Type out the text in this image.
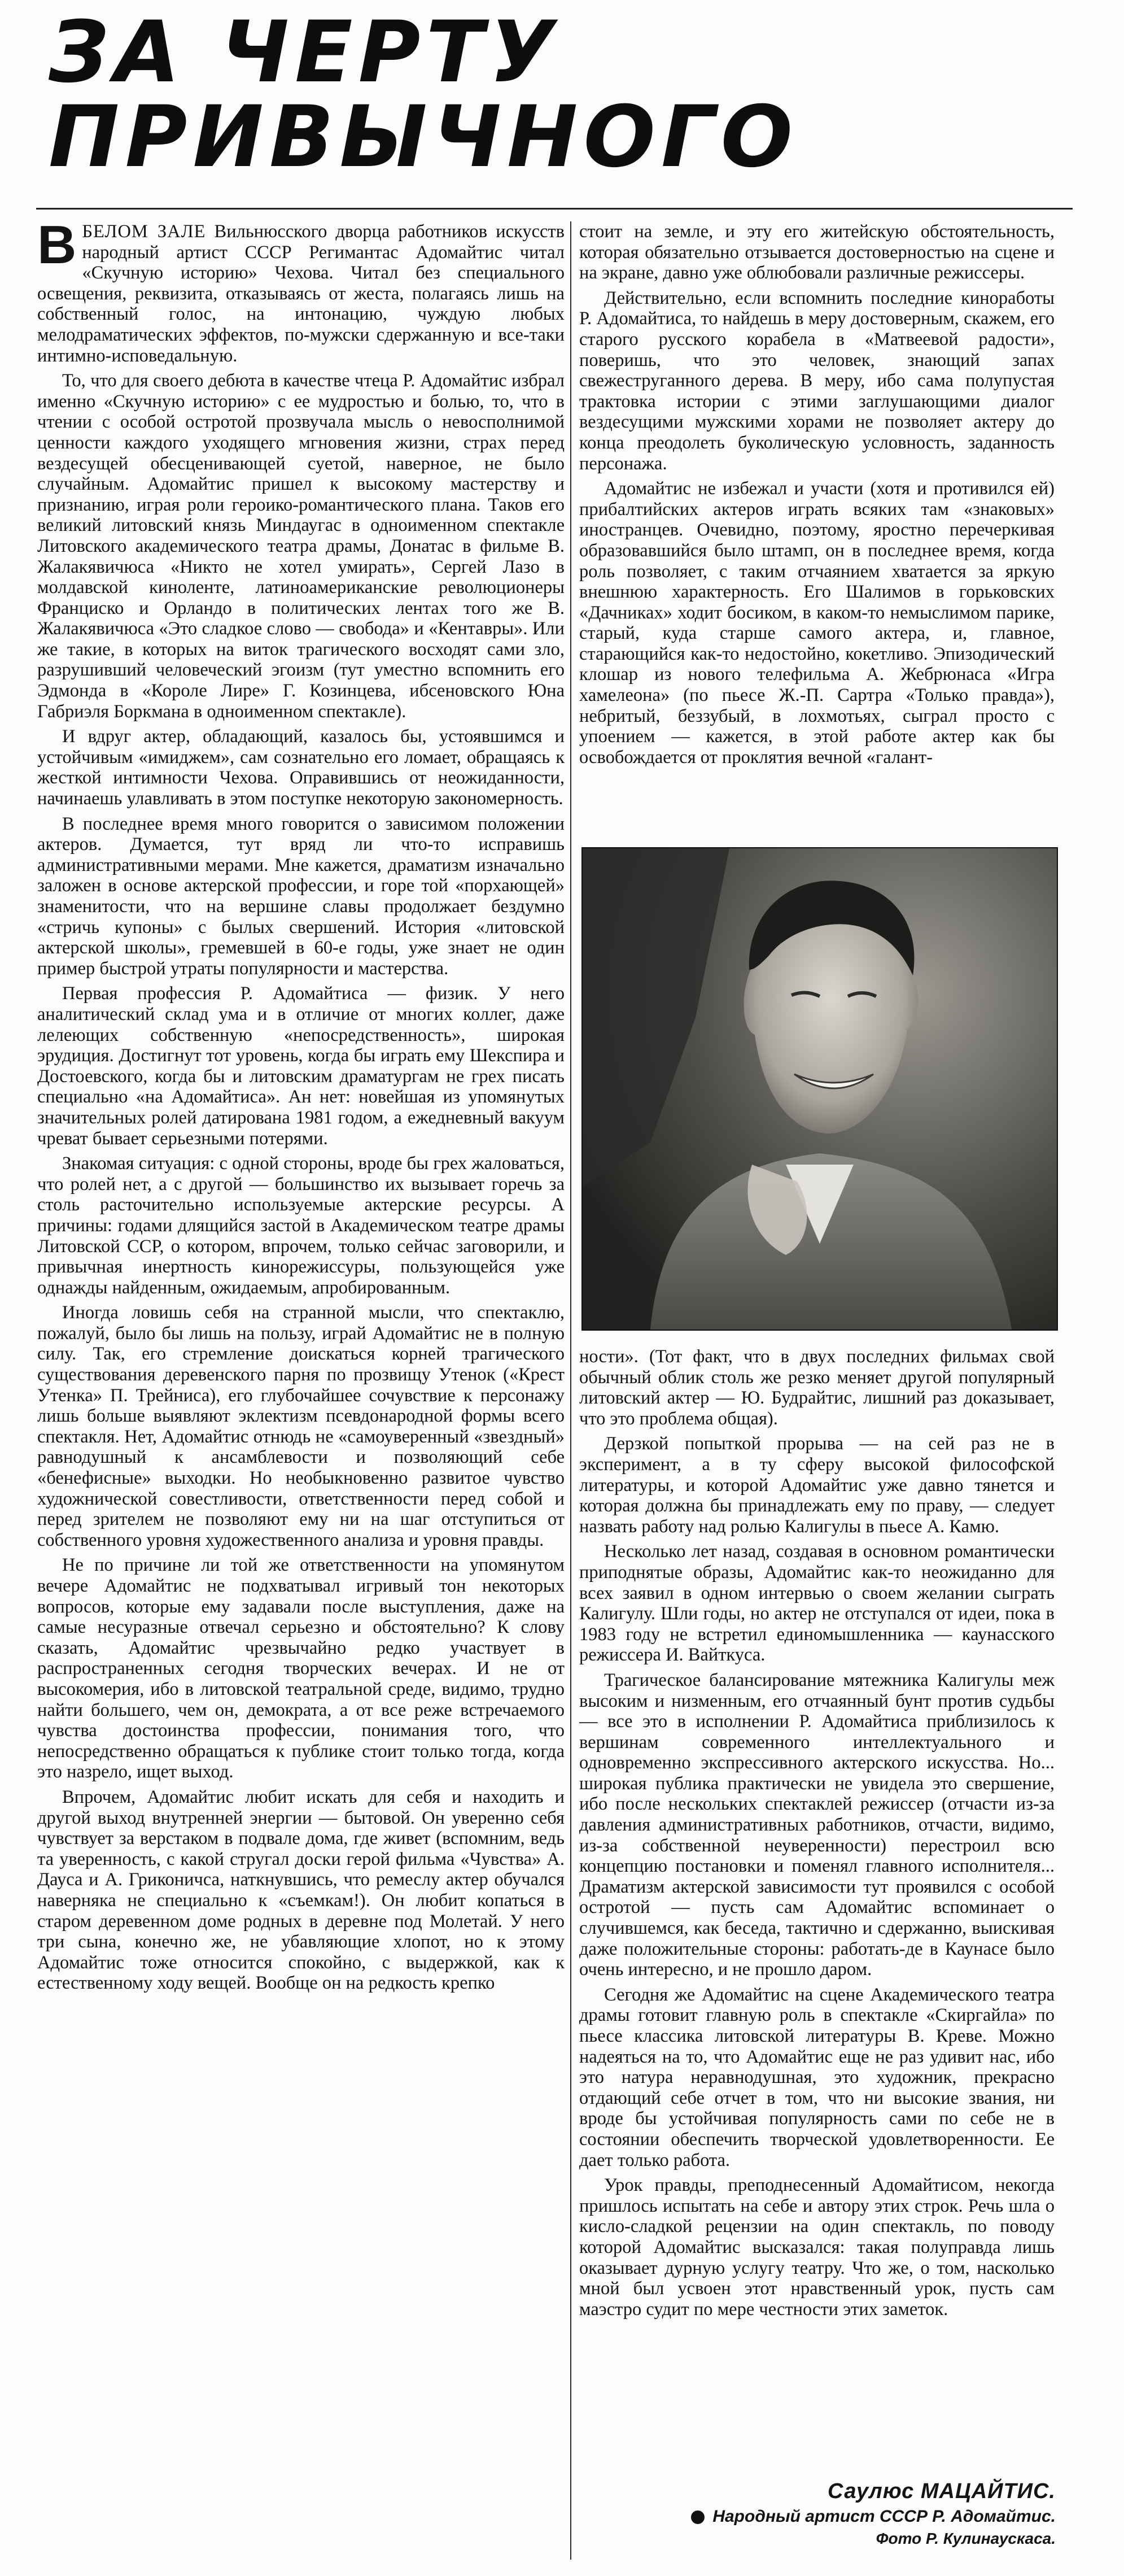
ЗА ЧЕРТУ
ПРИВЫЧНОГО

ВБЕЛОМ ЗАЛЕ Вильнюсского дворца работников искусств народный артист СССР Регимантас Адомайтис читал «Скучную историю» Чехова. Читал без специального освещения, реквизита, отказываясь от жеста, полагаясь лишь на собственный голос, на интонацию, чуждую любых мелодраматических эффектов, по-мужски сдержанную и все-таки интимно-исповедальную.

То, что для своего дебюта в качестве чтеца Р. Адомайтис избрал именно «Скучную историю» с ее мудростью и болью, то, что в чтении с особой остротой прозвучала мысль о невосполнимой ценности каждого уходящего мгновения жизни, страх перед вездесущей обесценивающей суетой, наверное, не было случайным. Адомайтис пришел к высокому мастерству и признанию, играя роли героико-романтического плана. Таков его великий литовский князь Миндаугас в одноименном спектакле Литовского академического театра драмы, Донатас в фильме В. Жалакявичюса «Никто не хотел умирать», Сергей Лазо в молдавской киноленте, латиноамериканские революционеры Франциско и Орландо в политических лентах того же В. Жалакявичюса «Это сладкое слово — свобода» и «Кентавры». Или же такие, в которых на виток трагического восходят сами зло, разрушивший человеческий эгоизм (тут уместно вспомнить его Эдмонда в «Короле Лире» Г. Козинцева, ибсеновского Юна Габриэля Боркмана в одноименном спектакле).

И вдруг актер, обладающий, казалось бы, устоявшимся и устойчивым «имиджем», сам сознательно его ломает, обращаясь к жесткой интимности Чехова. Оправившись от неожиданности, начинаешь улавливать в этом поступке некоторую закономерность.

В последнее время много говорится о зависимом положении актеров. Думается, тут вряд ли что-то исправишь административными мерами. Мне кажется, драматизм изначально заложен в основе актерской профессии, и горе той «порхающей» знаменитости, что на вершине славы продолжает бездумно «стричь купоны» с былых свершений. История «литовской актерской школы», гремевшей в 60-е годы, уже знает не один пример быстрой утраты популярности и мастерства.

Первая профессия Р. Адомайтиса — физик. У него аналитический склад ума и в отличие от многих коллег, даже лелеющих собственную «непосредственность», широкая эрудиция. Достигнут тот уровень, когда бы играть ему Шекспира и Достоевского, когда бы и литовским драматургам не грех писать специально «на Адомайтиса». Ан нет: новейшая из упомянутых значительных ролей датирована 1981 годом, а ежедневный вакуум чреват бывает серьезными потерями.

Знакомая ситуация: с одной стороны, вроде бы грех жаловаться, что ролей нет, а с другой — большинство их вызывает горечь за столь расточительно используемые актерские ресурсы. А причины: годами длящийся застой в Академическом театре драмы Литовской ССР, о котором, впрочем, только сейчас заговорили, и привычная инертность кинорежиссуры, пользующейся уже однажды найденным, ожидаемым, апробированным.

Иногда ловишь себя на странной мысли, что спектаклю, пожалуй, было бы лишь на пользу, играй Адомайтис не в полную силу. Так, его стремление доискаться корней трагического существования деревенского парня по прозвищу Утенок («Крест Утенка» П. Трейниса), его глубочайшее сочувствие к персонажу лишь больше выявляют эклектизм псевдонародной формы всего спектакля. Нет, Адомайтис отнюдь не «самоуверенный «звездный» равнодушный к ансамблевости и позволяющий себе «бенефисные» выходки. Но необыкновенно развитое чувство художнической совестливости, ответственности перед собой и перед зрителем не позволяют ему ни на шаг отступиться от собственного уровня художественного анализа и уровня правды.

Не по причине ли той же ответственности на упомянутом вечере Адомайтис не подхватывал игривый тон некоторых вопросов, которые ему задавали после выступления, даже на самые несуразные отвечал серьезно и обстоятельно? К слову сказать, Адомайтис чрезвычайно редко участвует в распространенных сегодня творческих вечерах. И не от высокомерия, ибо в литовской театральной среде, видимо, трудно найти большего, чем он, демократа, а от все реже встречаемого чувства достоинства профессии, понимания того, что непосредственно обращаться к публике стоит только тогда, когда это назрело, ищет выход.

Впрочем, Адомайтис любит искать для себя и находить и другой выход внутренней энергии — бытовой. Он уверенно себя чувствует за верстаком в подвале дома, где живет (вспомним, ведь та уверенность, с какой стругал доски герой фильма «Чувства» А. Дауса и А. Гриконичса, наткнувшись, что ремеслу актер обучался наверняка не специально к «съемкам!). Он любит копаться в старом деревенном доме родных в деревне под Молетай. У него три сына, конечно же, не убавляющие хлопот, но к этому Адомайтис тоже относится спокойно, с выдержкой, как к естественному ходу вещей. Вообще он на редкость крепко

стоит на земле, и эту его житейскую обстоятельность, которая обязательно отзывается достоверностью на сцене и на экране, давно уже облюбовали различные режиссеры.

Действительно, если вспомнить последние киноработы Р. Адомайтиса, то найдешь в меру достоверным, скажем, его старого русского корабела в «Матвеевой радости», поверишь, что это человек, знающий запах свежеструганного дерева. В меру, ибо сама полупустая трактовка истории с этими заглушающими диалог вездесущими мужскими хорами не позволяет актеру до конца преодолеть буколическую условность, заданность персонажа.

Адомайтис не избежал и участи (хотя и противился ей) прибалтийских актеров играть всяких там «знаковых» иностранцев. Очевидно, поэтому, яростно перечеркивая образовавшийся было штамп, он в последнее время, когда роль позволяет, с таким отчаянием хватается за яркую внешнюю характерность. Его Шалимов в горьковских «Дачниках» ходит босиком, в каком-то немыслимом парике, старый, куда старше самого актера, и, главное, старающийся как-то недостойно, кокетливо. Эпизодический клошар из нового телефильма А. Жебрюнаса «Игра хамелеона» (по пьесе Ж.-П. Сартра «Только правда»), небритый, беззубый, в лохмотьях, сыграл просто с упоением — кажется, в этой работе актер как бы освобождается от проклятия вечной «галант-

ности». (Тот факт, что в двух последних фильмах свой обычный облик столь же резко меняет другой популярный литовский актер — Ю. Будрайтис, лишний раз доказывает, что это проблема общая).

Дерзкой попыткой прорыва — на сей раз не в эксперимент, а в ту сферу высокой философской литературы, и которой Адомайтис уже давно тянется и которая должна бы принадлежать ему по праву, — следует назвать работу над ролью Калигулы в пьесе А. Камю.

Несколько лет назад, создавая в основном романтически приподнятые образы, Адомайтис как-то неожиданно для всех заявил в одном интервью о своем желании сыграть Калигулу. Шли годы, но актер не отступался от идеи, пока в 1983 году не встретил единомышленника — каунасского режиссера И. Вайткуса.

Трагическое балансирование мятежника Калигулы меж высоким и низменным, его отчаянный бунт против судьбы — все это в исполнении Р. Адомайтиса приблизилось к вершинам современного интеллектуального и одновременно экспрессивного актерского искусства. Но... широкая публика практически не увидела это свершение, ибо после нескольких спектаклей режиссер (отчасти из-за давления административных работников, отчасти, видимо, из-за собственной неуверенности) перестроил всю концепцию постановки и поменял главного исполнителя... Драматизм актерской зависимости тут проявился с особой остротой — пусть сам Адомайтис вспоминает о случившемся, как беседа, тактично и сдержанно, выискивая даже положительные стороны: работать-де в Каунасе было очень интересно, и не прошло даром.

Сегодня же Адомайтис на сцене Академического театра драмы готовит главную роль в спектакле «Скиргайла» по пьесе классика литовской литературы В. Креве. Можно надеяться на то, что Адомайтис еще не раз удивит нас, ибо это натура неравнодушная, это художник, прекрасно отдающий себе отчет в том, что ни высокие звания, ни вроде бы устойчивая популярность сами по себе не в состоянии обеспечить творческой удовлетворенности. Ее дает только работа.

Урок правды, преподнесенный Адомайтисом, некогда пришлось испытать на себе и автору этих строк. Речь шла о кисло-сладкой рецензии на один спектакль, по поводу которой Адомайтис высказался: такая полуправда лишь оказывает дурную услугу театру. Что же, о том, насколько мной был усвоен этот нравственный урок, пусть сам маэстро судит по мере честности этих заметок.

Саулюс МАЦАЙТИС.

Народный артист СССР Р. Адомайтис.

Фото Р. Кулинаускаса.
